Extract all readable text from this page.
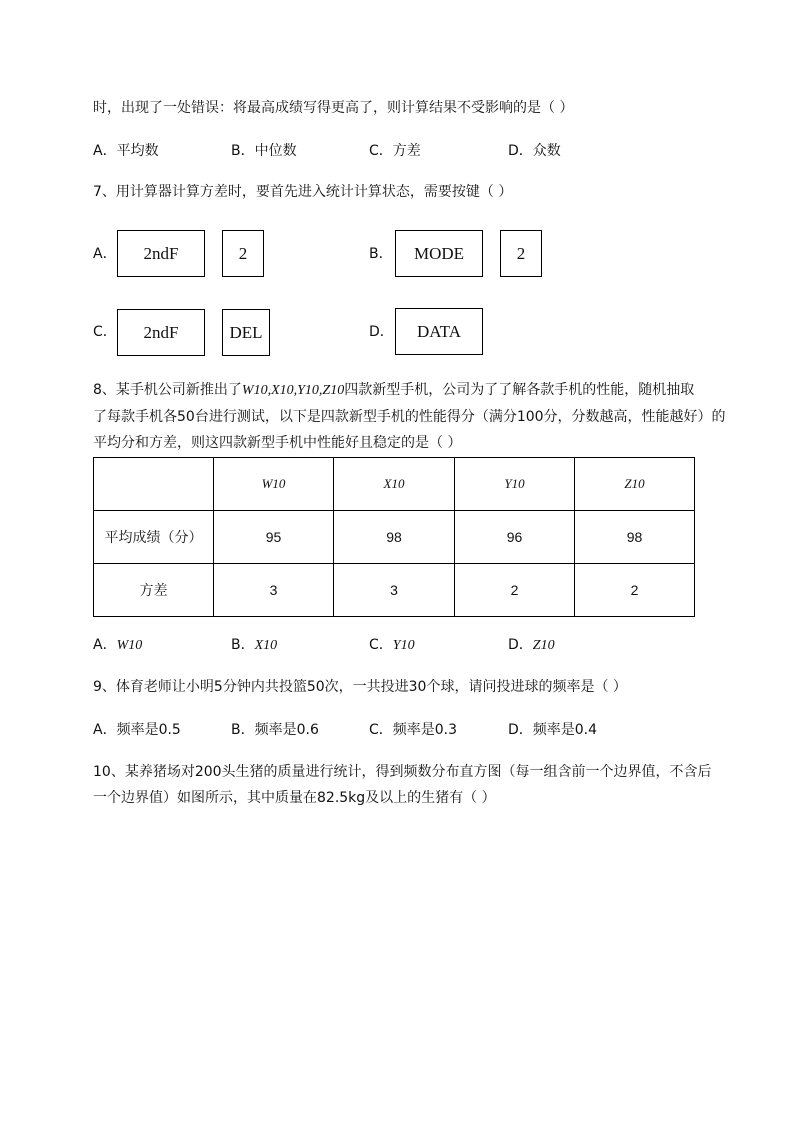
时，出现了一处错误：将最高成绩写得更高了，则计算结果不受影响的是（ ）
A．平均数	B．中位数	C．方差	D．众数
7、用计算器计算方差时，要首先进入统计计算状态，需要按键（ ）
A．	2ndF	2	B．	MODE	2
C．	2ndF	DEL	D．	DATA
8、某手机公司新推出了W10,X10,Y10,Z10四款新型手机，公司为了了解各款手机的性能，随机抽取
了每款手机各50台进行测试，以下是四款新型手机的性能得分（满分100分，分数越高，性能越好）的
平均分和方差，则这四款新型手机中性能好且稳定的是（ ）
	W10	X10	Y10	Z10
平均成绩（分）	95	98	96	98
方差	3	3	2	2
A．W10	B．X10	C．Y10	D．Z10
9、体育老师让小明5分钟内共投篮50次，一共投进30个球，请问投进球的频率是（ ）
A．频率是0.5	B．频率是0.6	C．频率是0.3	D．频率是0.4
10、某养猪场对200头生猪的质量进行统计，得到频数分布直方图（每一组含前一个边界值，不含后
一个边界值）如图所示，其中质量在82.5kg及以上的生猪有（ ）
